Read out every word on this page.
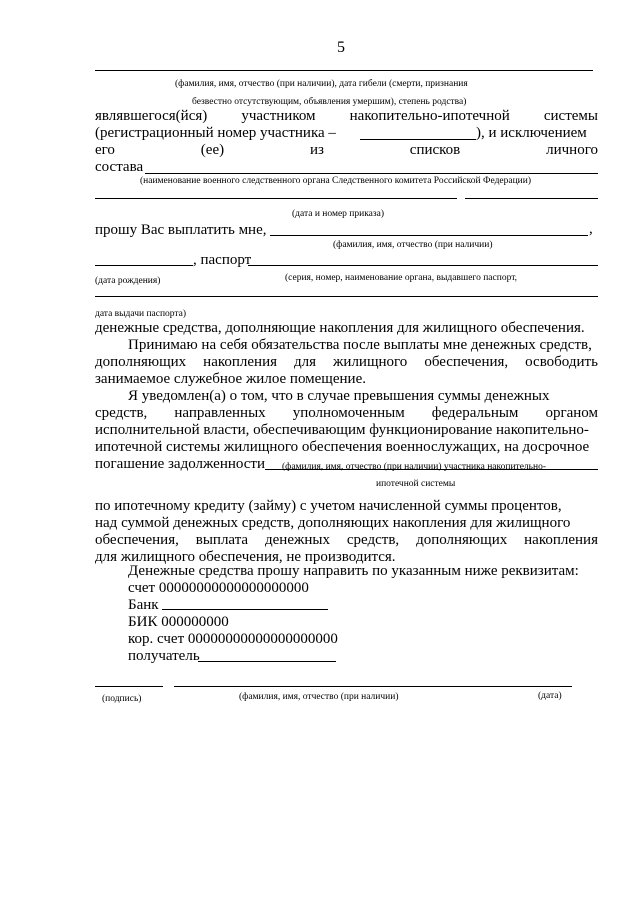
5
(фамилия, имя, отчество (при наличии), дата гибели (смерти, признания
безвестно отсутствующим, объявления умершим), степень родства)
являвшегося(йся) участником накопительно-ипотечной системы
(регистрационный номер участника –	), и исключением
его	(ее)	из	списков	личного
состава
(наименование военного следственного органа Следственного комитета Российской Федерации)
(дата и номер приказа)
прошу Вас выплатить мне,	,
(фамилия, имя, отчество (при наличии)
, паспорт
(дата рождения)	(серия, номер, наименование органа, выдавшего паспорт,
дата выдачи паспорта)
денежные средства, дополняющие накопления для жилищного обеспечения.
Принимаю на себя обязательства после выплаты мне денежных средств,
дополняющих накопления для жилищного обеспечения, освободить
занимаемое служебное жилое помещение.
Я уведомлен(а) о том, что в случае превышения суммы денежных
средств, направленных уполномоченным федеральным органом
исполнительной власти, обеспечивающим функционирование накопительно-
ипотечной системы жилищного обеспечения военнослужащих, на досрочное
погашение задолженности (фамилия, имя, отчество (при наличии) участника накопительно-
ипотечной системы
по ипотечному кредиту (займу) с учетом начисленной суммы процентов,
над суммой денежных средств, дополняющих накопления для жилищного
обеспечения, выплата денежных средств, дополняющих накопления
для жилищного обеспечения, не производится.
Денежные средства прошу направить по указанным ниже реквизитам:
счет 00000000000000000000
Банк
БИК 000000000
кор. счет 00000000000000000000
получатель
(подпись)	(фамилия, имя, отчество (при наличии)	(дата)
